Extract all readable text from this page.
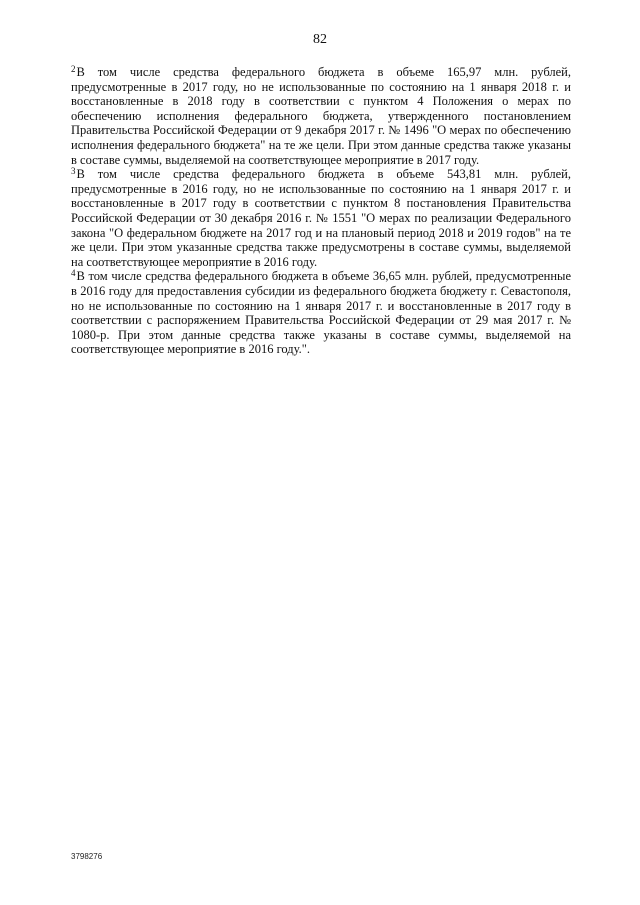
82

$^2$В том числе средства федерального бюджета в объеме 165,97 млн. рублей, предусмотренные в 2017 году, но не использованные по состоянию на 1 января 2018 г. и восстановленные в 2018 году в соответствии с пунктом 4 Положения о мерах по обеспечению исполнения федерального бюджета, утвержденного постановлением Правительства Российской Федерации от 9 декабря 2017 г. № 1496 "О мерах по обеспечению исполнения федерального бюджета" на те же цели. При этом данные средства также указаны в составе суммы, выделяемой на соответствующее мероприятие в 2017 году.

$^3$В том числе средства федерального бюджета в объеме 543,81 млн. рублей, предусмотренные в 2016 году, но не использованные по состоянию на 1 января 2017 г. и восстановленные в 2017 году в соответствии с пунктом 8 постановления Правительства Российской Федерации от 30 декабря 2016 г. № 1551 "О мерах по реализации Федерального закона "О федеральном бюджете на 2017 год и на плановый период 2018 и 2019 годов" на те же цели. При этом указанные средства также предусмотрены в составе суммы, выделяемой на соответствующее мероприятие в 2016 году.

$^4$В том числе средства федерального бюджета в объеме 36,65 млн. рублей, предусмотренные в 2016 году для предоставления субсидии из федерального бюджета бюджету г. Севастополя, но не использованные по состоянию на 1 января 2017 г. и восстановленные в 2017 году в соответствии с распоряжением Правительства Российской Федерации от 29 мая 2017 г. № 1080-р. При этом данные средства также указаны в составе суммы, выделяемой на соответствующее мероприятие в 2016 году.".

3798276
